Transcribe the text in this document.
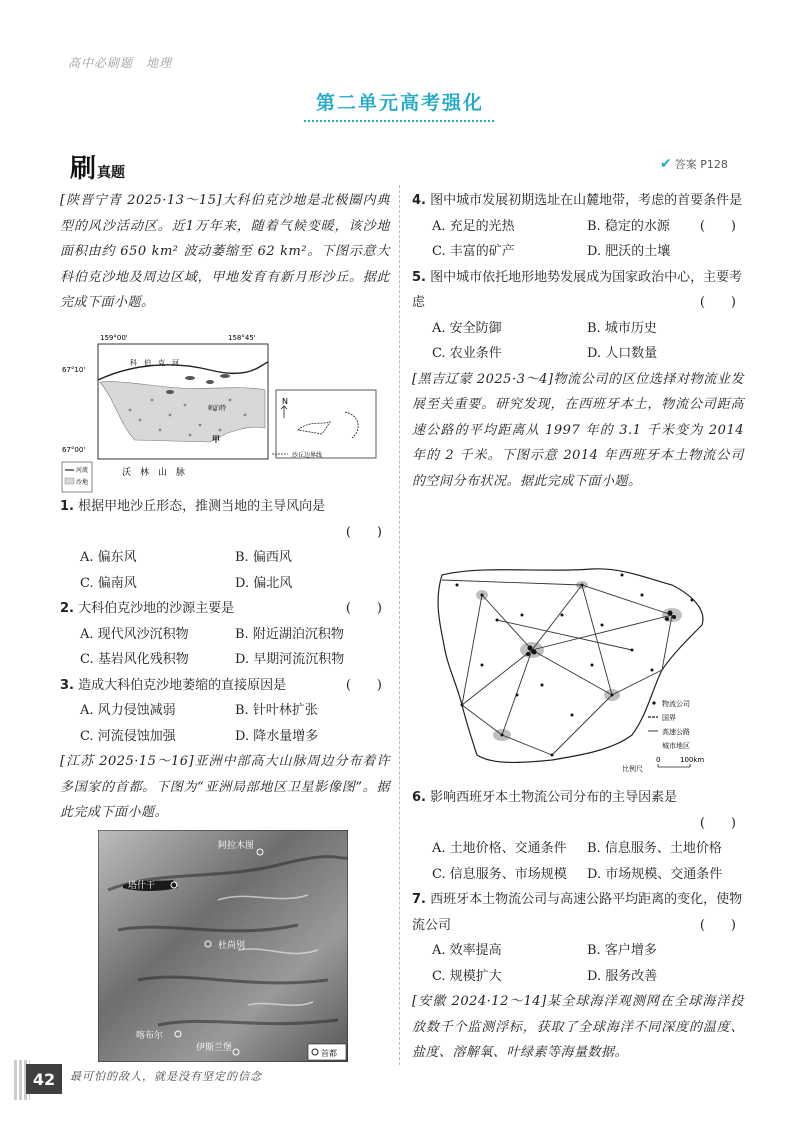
高中必刷题　地理
第二单元高考强化
刷 真题
✔ 答案 P128

[陕晋宁青 2025·13～15]大科伯克沙地是北极圈内典型的风沙活动区。近1万年来，随着气候变暖，该沙地面积由约 650 km² 波动萎缩至 62 km²。下图示意大科伯克沙地及周边区域，甲地发育有新月形沙丘。据此完成下面小题。

159°00'	158°45'
67°10'
67°00'
科　伯　克　河
帕泊特
甲
沃　林　山　脉
河流
沙地
N
沙丘边界线
1. 根据甲地沙丘形态，推测当地的主导风向是
(　　)
A. 偏东风	B. 偏西风
C. 偏南风	D. 偏北风
2. 大科伯克沙地的沙源主要是	(　　)
A. 现代风沙沉积物	B. 附近湖泊沉积物
C. 基岩风化残积物	D. 早期河流沉积物
3. 造成大科伯克沙地萎缩的直接原因是	(　　)
A. 风力侵蚀减弱	B. 针叶林扩张
C. 河流侵蚀加强	D. 降水量增多

[江苏 2025·15～16]亚洲中部高大山脉周边分布着许多国家的首都。下图为“亚洲局部地区卫星影像图”。据此完成下面小题。

阿拉木图
塔什干
杜尚别
喀布尔
伊斯兰堡
首都
4. 图中城市发展初期选址在山麓地带，考虑的首要条件是
(　　)
A. 充足的光热	B. 稳定的水源
C. 丰富的矿产	D. 肥沃的土壤
5. 图中城市依托地形地势发展成为国家政治中心，主要考虑	(　　)
A. 安全防御	B. 城市历史
C. 农业条件	D. 人口数量

[黑吉辽蒙 2025·3～4]物流公司的区位选择对物流业发展至关重要。研究发现，在西班牙本土，物流公司距高速公路的平均距离从 1997 年的 3.1 千米变为 2014 年的 2 千米。下图示意 2014 年西班牙本土物流公司的空间分布状况。据此完成下面小题。

物流公司
国界
高速公路
城市地区
比例尺
0	100km
6. 影响西班牙本土物流公司分布的主导因素是
(　　)
A. 土地价格、交通条件	B. 信息服务、土地价格
C. 信息服务、市场规模	D. 市场规模、交通条件
7. 西班牙本土物流公司与高速公路平均距离的变化，使物流公司	(　　)
A. 效率提高	B. 客户增多
C. 规模扩大	D. 服务改善

[安徽 2024·12～14]某全球海洋观测网在全球海洋投放数千个监测浮标，获取了全球海洋不同深度的温度、盐度、溶解氧、叶绿素等海量数据。

42	最可怕的敌人，就是没有坚定的信念
